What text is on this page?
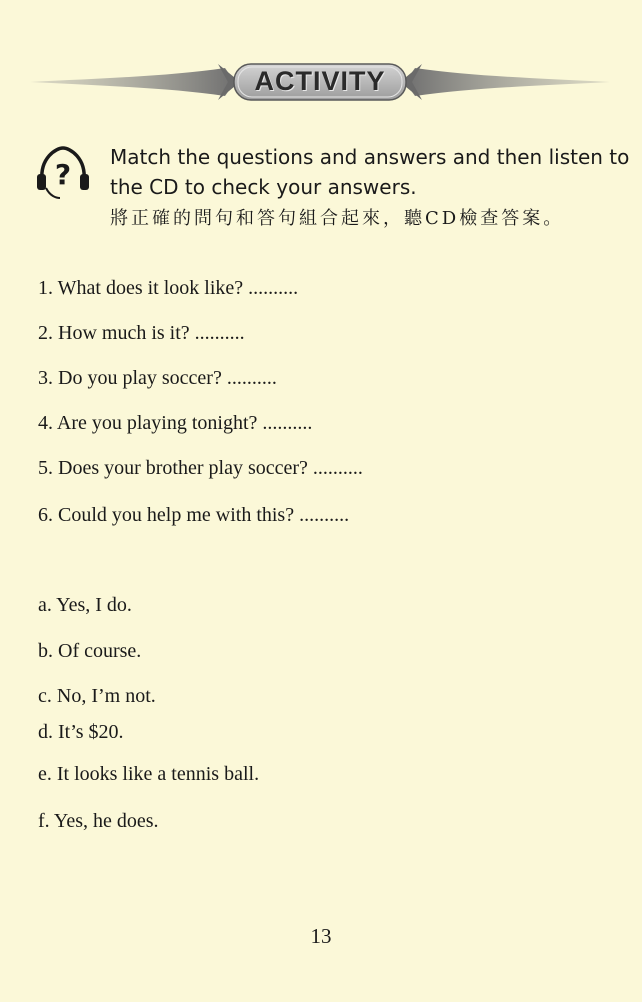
ACTIVITY
?
Match the questions and answers and then listen to the CD to check your answers.
將正確的問句和答句組合起來，聽CD檢查答案。
1. What does it look like? ..........
2. How much is it? ..........
3. Do you play soccer? ..........
4. Are you playing tonight? ..........
5. Does your brother play soccer? ..........
6. Could you help me with this? ..........
a. Yes, I do.
b. Of course.
c. No, I’m not.
d. It’s $20.
e. It looks like a tennis ball.
f. Yes, he does.
13
